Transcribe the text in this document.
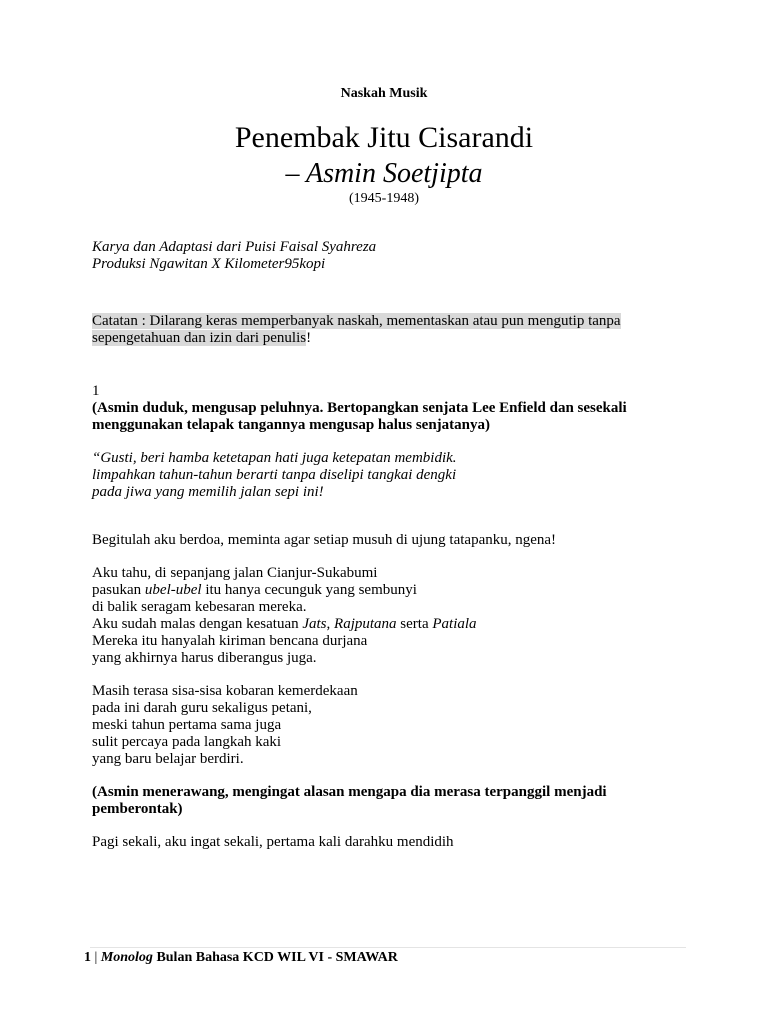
Naskah Musik
Penembak Jitu Cisarandi
– Asmin Soetjipta
(1945-1948)
Karya dan Adaptasi dari Puisi Faisal Syahreza
Produksi Ngawitan X Kilometer95kopi
Catatan : Dilarang keras memperbanyak naskah, mementaskan atau pun mengutip tanpa
sepengetahuan dan izin dari penulis!
1
(Asmin duduk, mengusap peluhnya. Bertopangkan senjata Lee Enfield dan sesekali
menggunakan telapak tangannya mengusap halus senjatanya)
“Gusti, beri hamba ketetapan hati juga ketepatan membidik.
limpahkan tahun-tahun berarti tanpa diselipi tangkai dengki
pada jiwa yang memilih jalan sepi ini!
Begitulah aku berdoa, meminta agar setiap musuh di ujung tatapanku, ngena!
Aku tahu, di sepanjang jalan Cianjur-Sukabumi
pasukan ubel-ubel itu hanya cecunguk yang sembunyi
di balik seragam kebesaran mereka.
Aku sudah malas dengan kesatuan Jats, Rajputana serta Patiala
Mereka itu hanyalah kiriman bencana durjana
yang akhirnya harus diberangus juga.
Masih terasa sisa-sisa kobaran kemerdekaan
pada ini darah guru sekaligus petani,
meski tahun pertama sama juga
sulit percaya pada langkah kaki
yang baru belajar berdiri.
(Asmin menerawang, mengingat alasan mengapa dia merasa terpanggil menjadi
pemberontak)
Pagi sekali, aku ingat sekali, pertama kali darahku mendidih
1 | Monolog Bulan Bahasa KCD WIL VI - SMAWAR
